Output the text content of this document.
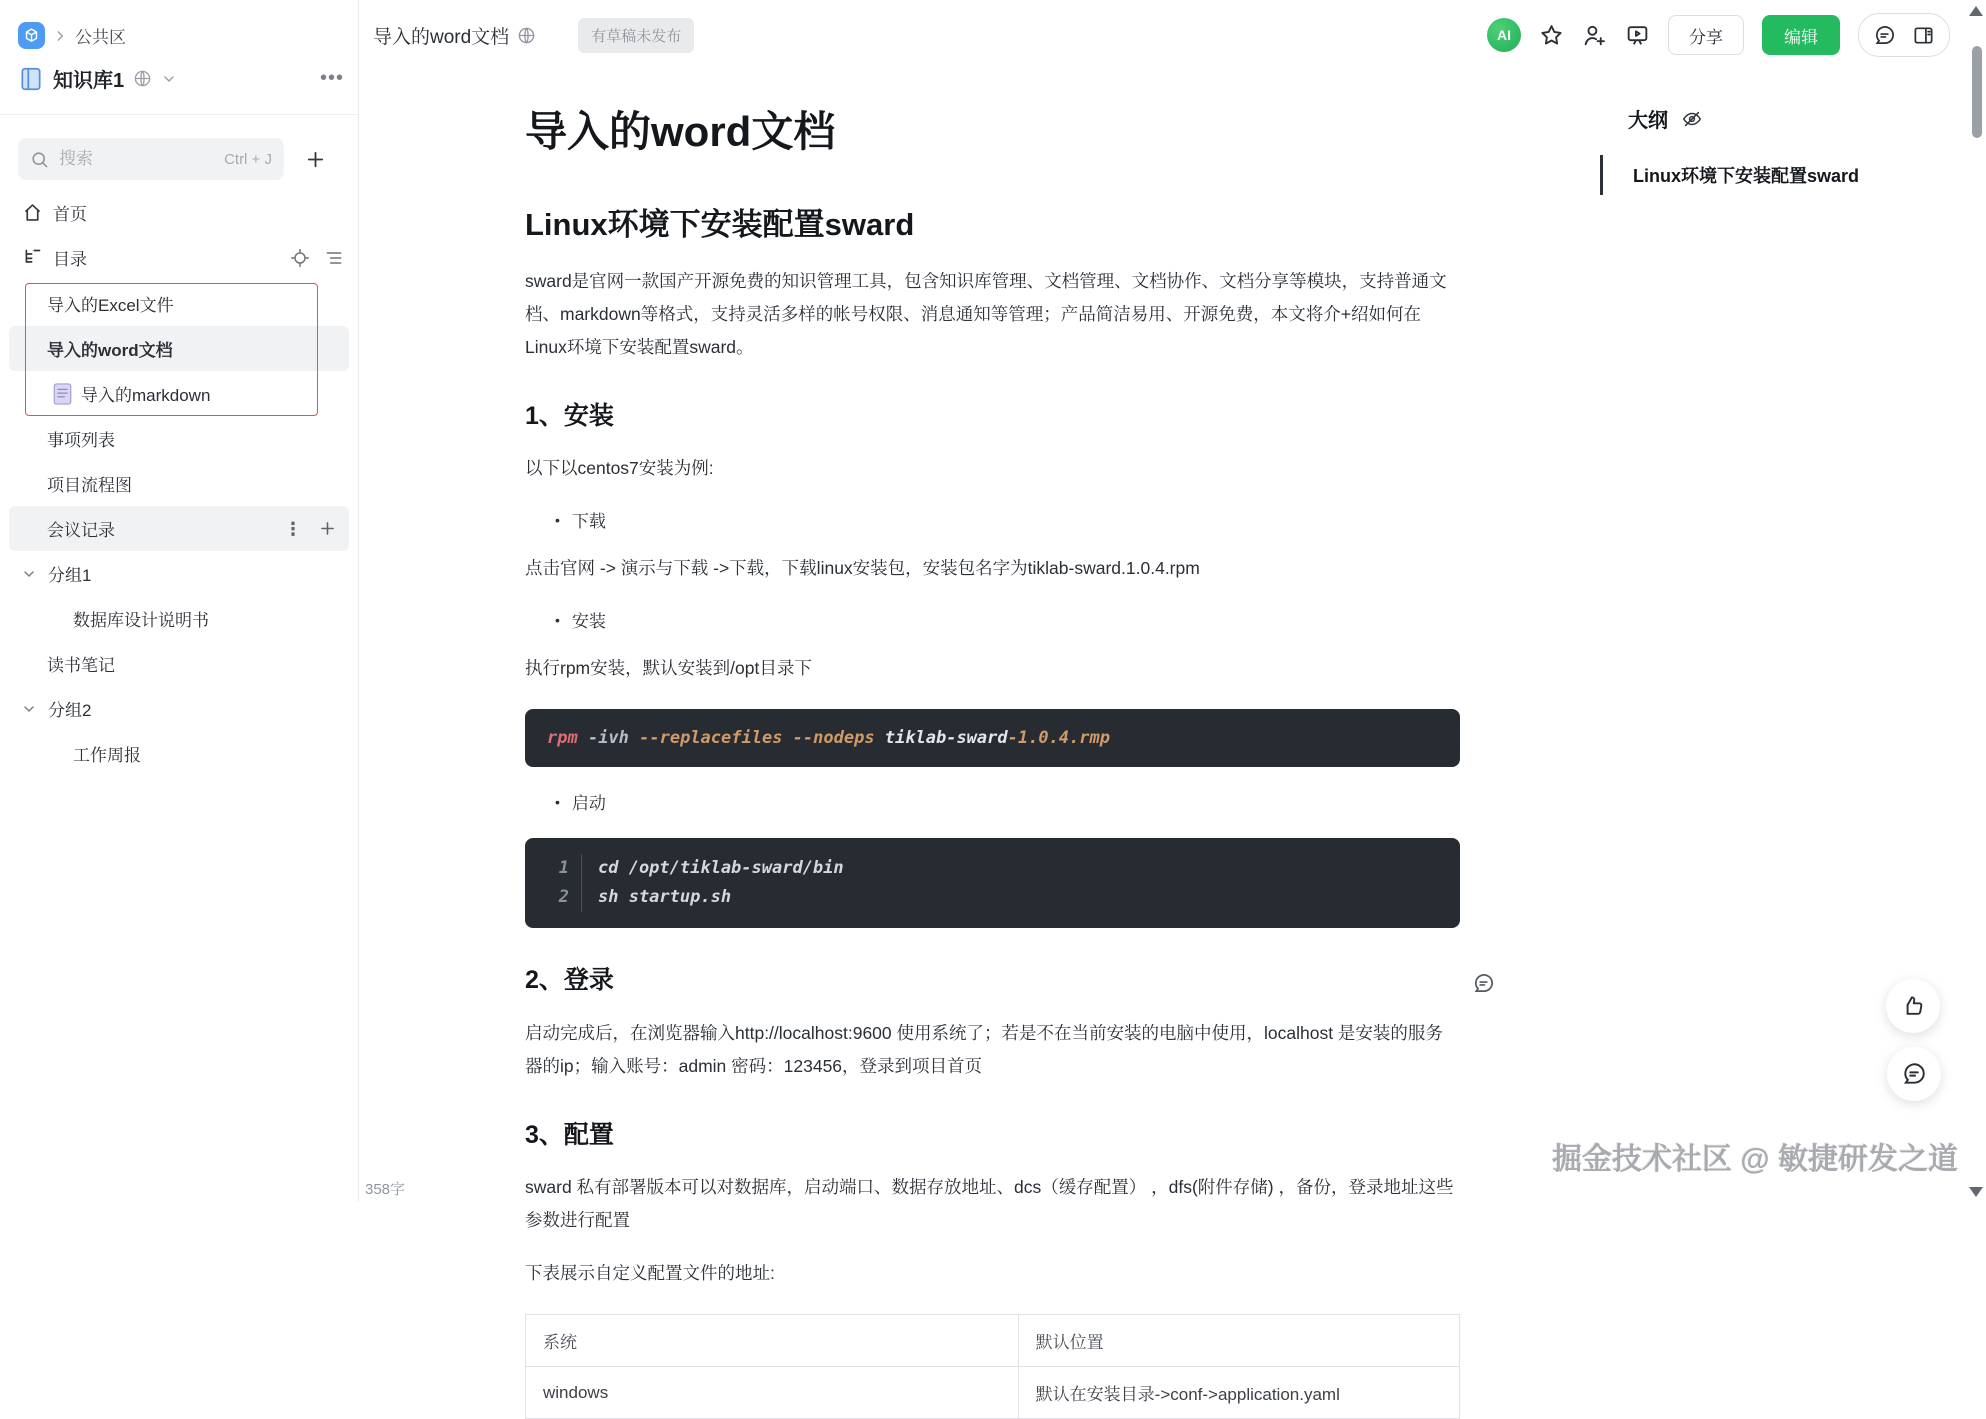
公共区
知识库1	•••
搜索
Ctrl + J
首页
目录
导入的Excel文件
导入的word文档
导入的markdown
事项列表
项目流程图
会议记录	⋮
分组1
数据库设计说明书
读书笔记
分组2
工作周报
358字
导入的word文档	有草稿未发布	AI	分享	编辑
导入的word文档
Linux环境下安装配置sward

sward是官网一款国产开源免费的知识管理工具，包含知识库管理、文档管理、文档协作、文档分享等模块，支持普通文档、markdown等格式，支持灵活多样的帐号权限、消息通知等管理；产品简洁易用、开源免费，本文将介+绍如何在Linux环境下安装配置sward。

1、安装

以下以centos7安装为例:

• 下载

点击官网 -> 演示与下载 ->下载，下载linux安装包，安装包名字为tiklab-sward.1.0.4.rpm

• 安装

执行rpm安装，默认安装到/opt目录下

rpm -ivh --replacefiles --nodeps tiklab-sward-1.0.4.rmp
• 启动
1	cd /opt/tiklab-sward/bin
2	sh startup.sh
2、登录

启动完成后，在浏览器输入http://localhost:9600 使用系统了；若是不在当前安装的电脑中使用，localhost 是安装的服务器的ip；输入账号：admin 密码：123456，登录到项目首页

3、配置

sward 私有部署版本可以对数据库，启动端口、数据存放地址、dcs（缓存配置） ，dfs(附件存储) ，备份，登录地址这些参数进行配置

下表展示自定义配置文件的地址:

系统	默认位置
windows	默认在安装目录->conf->application.yaml
大纲
Linux环境下安装配置sward
掘金技术社区 @ 敏捷研发之道
